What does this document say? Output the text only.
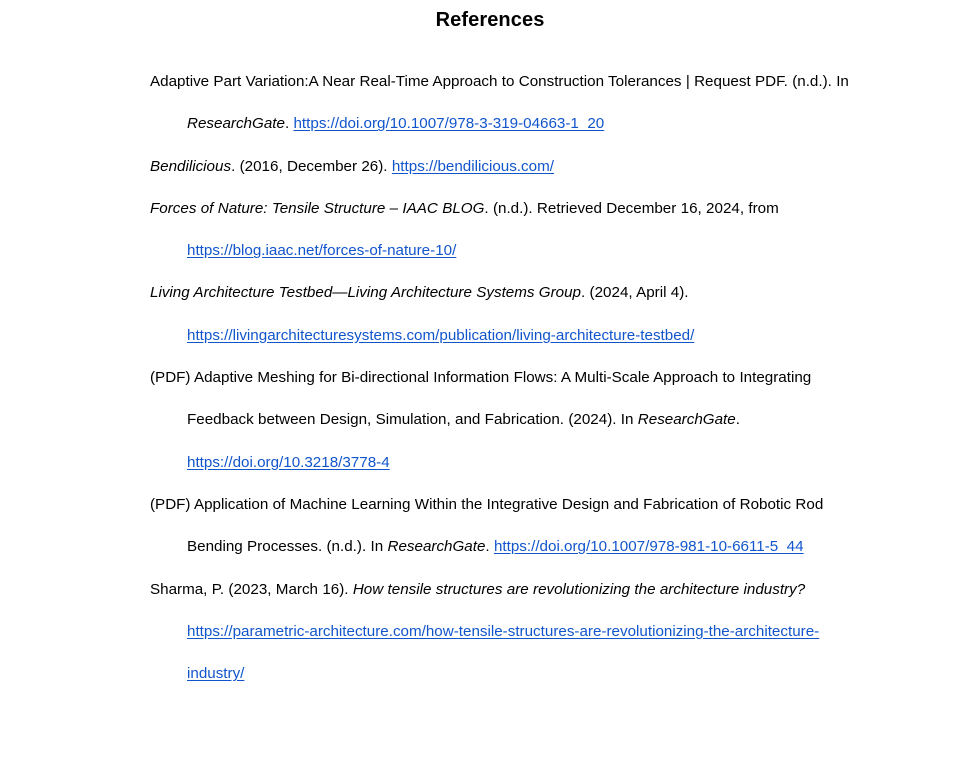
References
Adaptive Part Variation:A Near Real-Time Approach to Construction Tolerances | Request PDF. (n.d.). In ResearchGate. https://doi.org/10.1007/978-3-319-04663-1_20
Bendilicious. (2016, December 26). https://bendilicious.com/
Forces of Nature: Tensile Structure – IAAC BLOG. (n.d.). Retrieved December 16, 2024, from https://blog.iaac.net/forces-of-nature-10/
Living Architecture Testbed—Living Architecture Systems Group. (2024, April 4). https://livingarchitecturesystems.com/publication/living-architecture-testbed/
(PDF) Adaptive Meshing for Bi-directional Information Flows: A Multi-Scale Approach to Integrating Feedback between Design, Simulation, and Fabrication. (2024). In ResearchGate. https://doi.org/10.3218/3778-4
(PDF) Application of Machine Learning Within the Integrative Design and Fabrication of Robotic Rod Bending Processes. (n.d.). In ResearchGate. https://doi.org/10.1007/978-981-10-6611-5_44
Sharma, P. (2023, March 16). How tensile structures are revolutionizing the architecture industry? https://parametric-architecture.com/how-tensile-structures-are-revolutionizing-the-architecture-industry/
